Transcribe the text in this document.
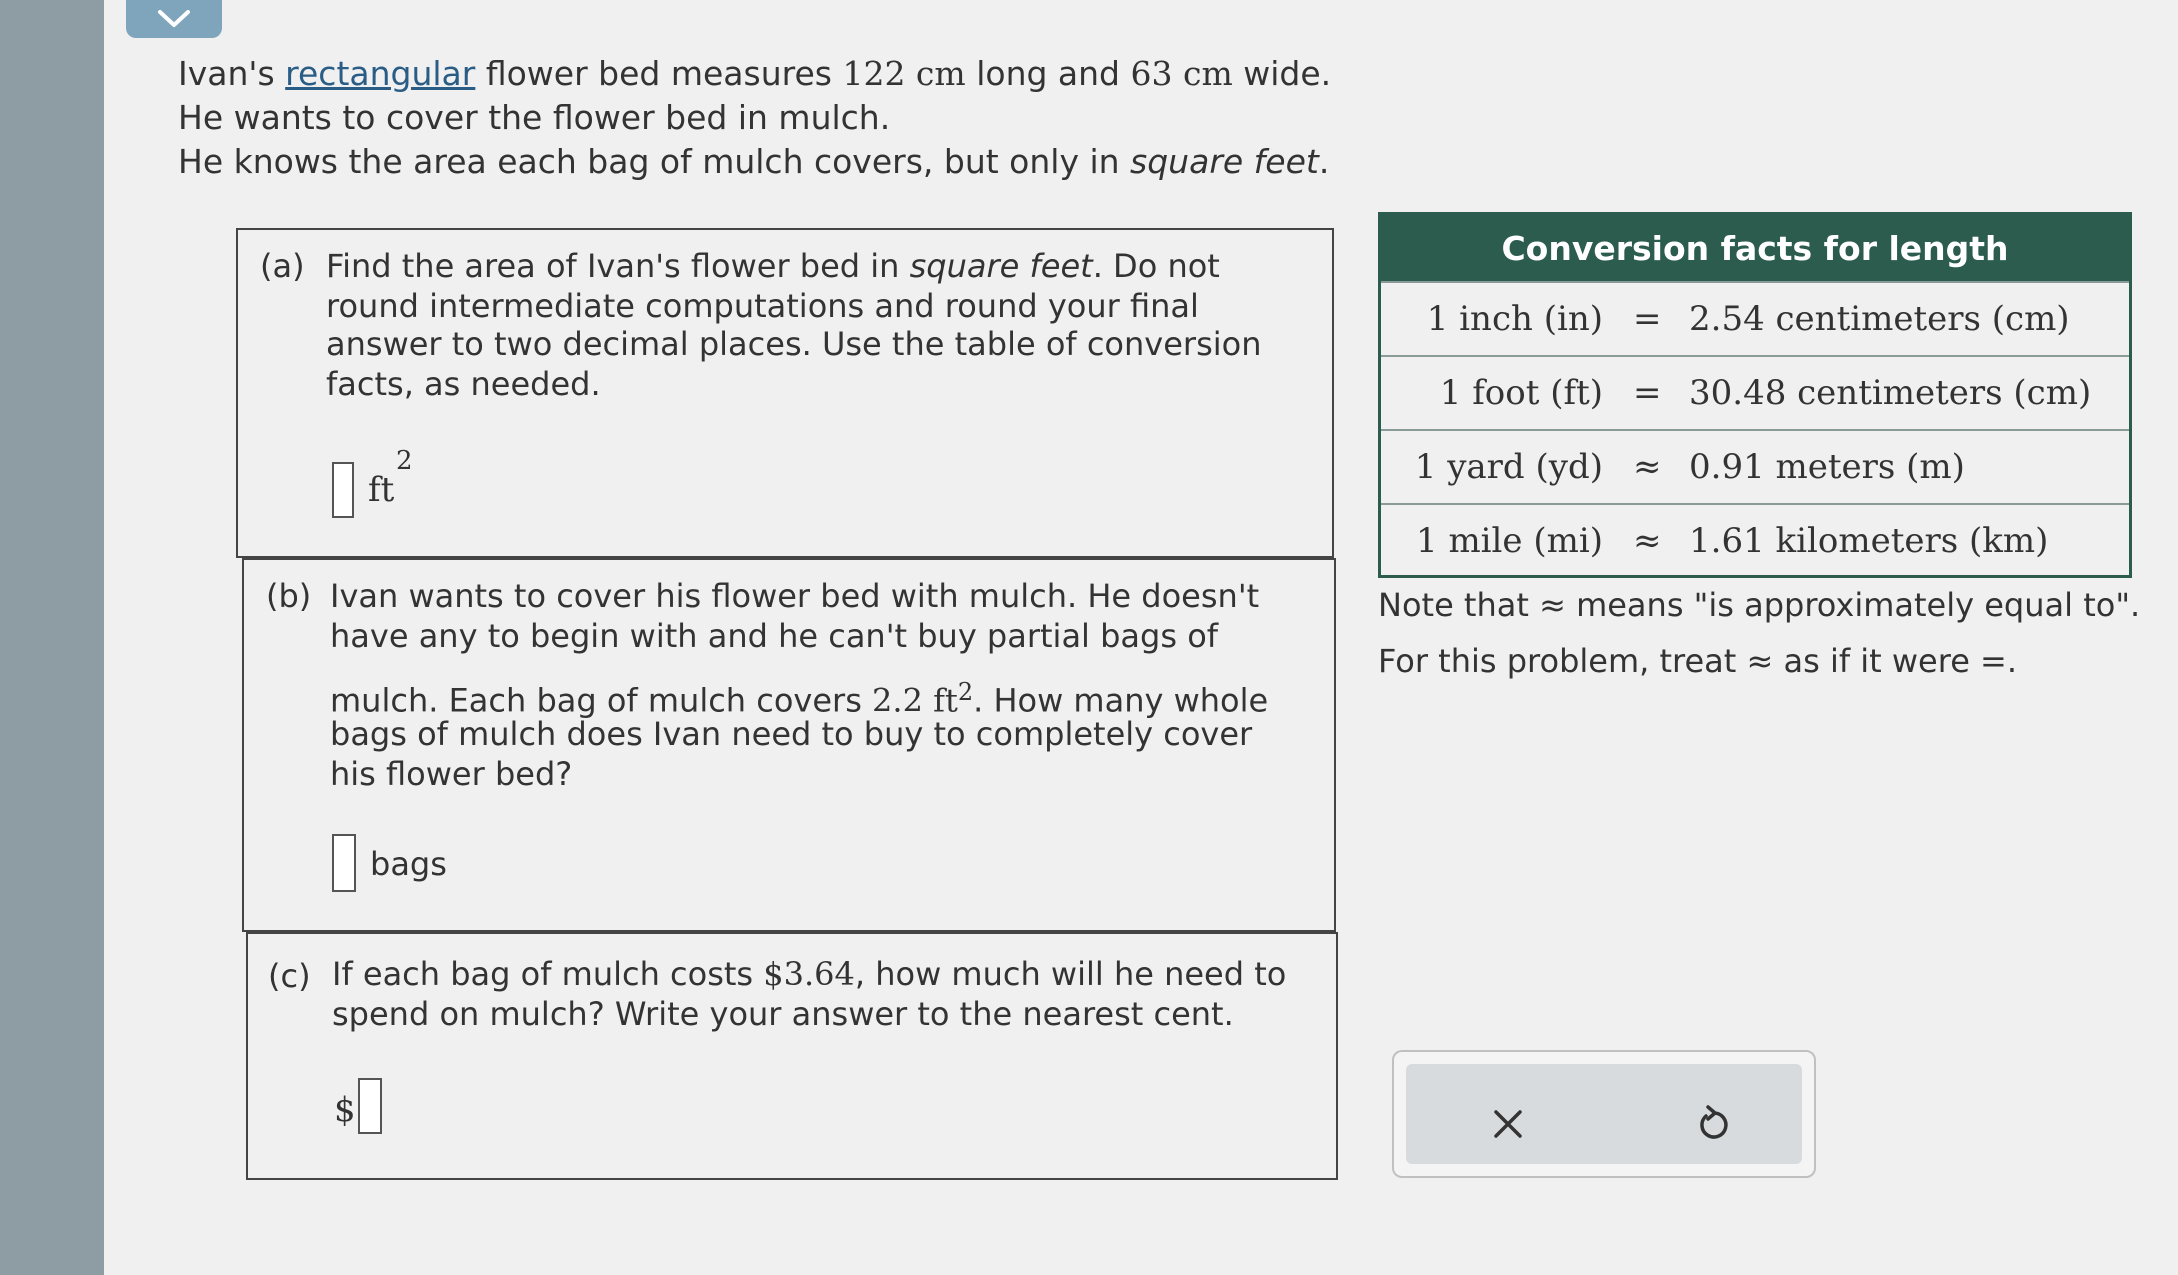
Ivan's rectangular flower bed measures 122 cm long and 63 cm wide.

He wants to cover the flower bed in mulch.

He knows the area each bag of mulch covers, but only in square feet.

(a) Find the area of Ivan's flower bed in square feet. Do not
round intermediate computations and round your final
answer to two decimal places. Use the table of conversion
facts, as needed.
ft
2
(b) Ivan wants to cover his flower bed with mulch. He doesn't
have any to begin with and he can't buy partial bags of
mulch. Each bag of mulch covers 2.2 $ft^2$. How many whole
bags of mulch does Ivan need to buy to completely cover
his flower bed?
bags
(c) If each bag of mulch costs $3.64, how much will he need to
spend on mulch? Write your answer to the nearest cent.
$
Conversion facts for length
1 inch (in) = 2.54 centimeters (cm)
1 foot (ft) = 30.48 centimeters (cm)
1 yard (yd) ≈ 0.91 meters (m)
1 mile (mi) ≈ 1.61 kilometers (km)
Note that ≈ means "is approximately equal to".
For this problem, treat ≈ as if it were =.
